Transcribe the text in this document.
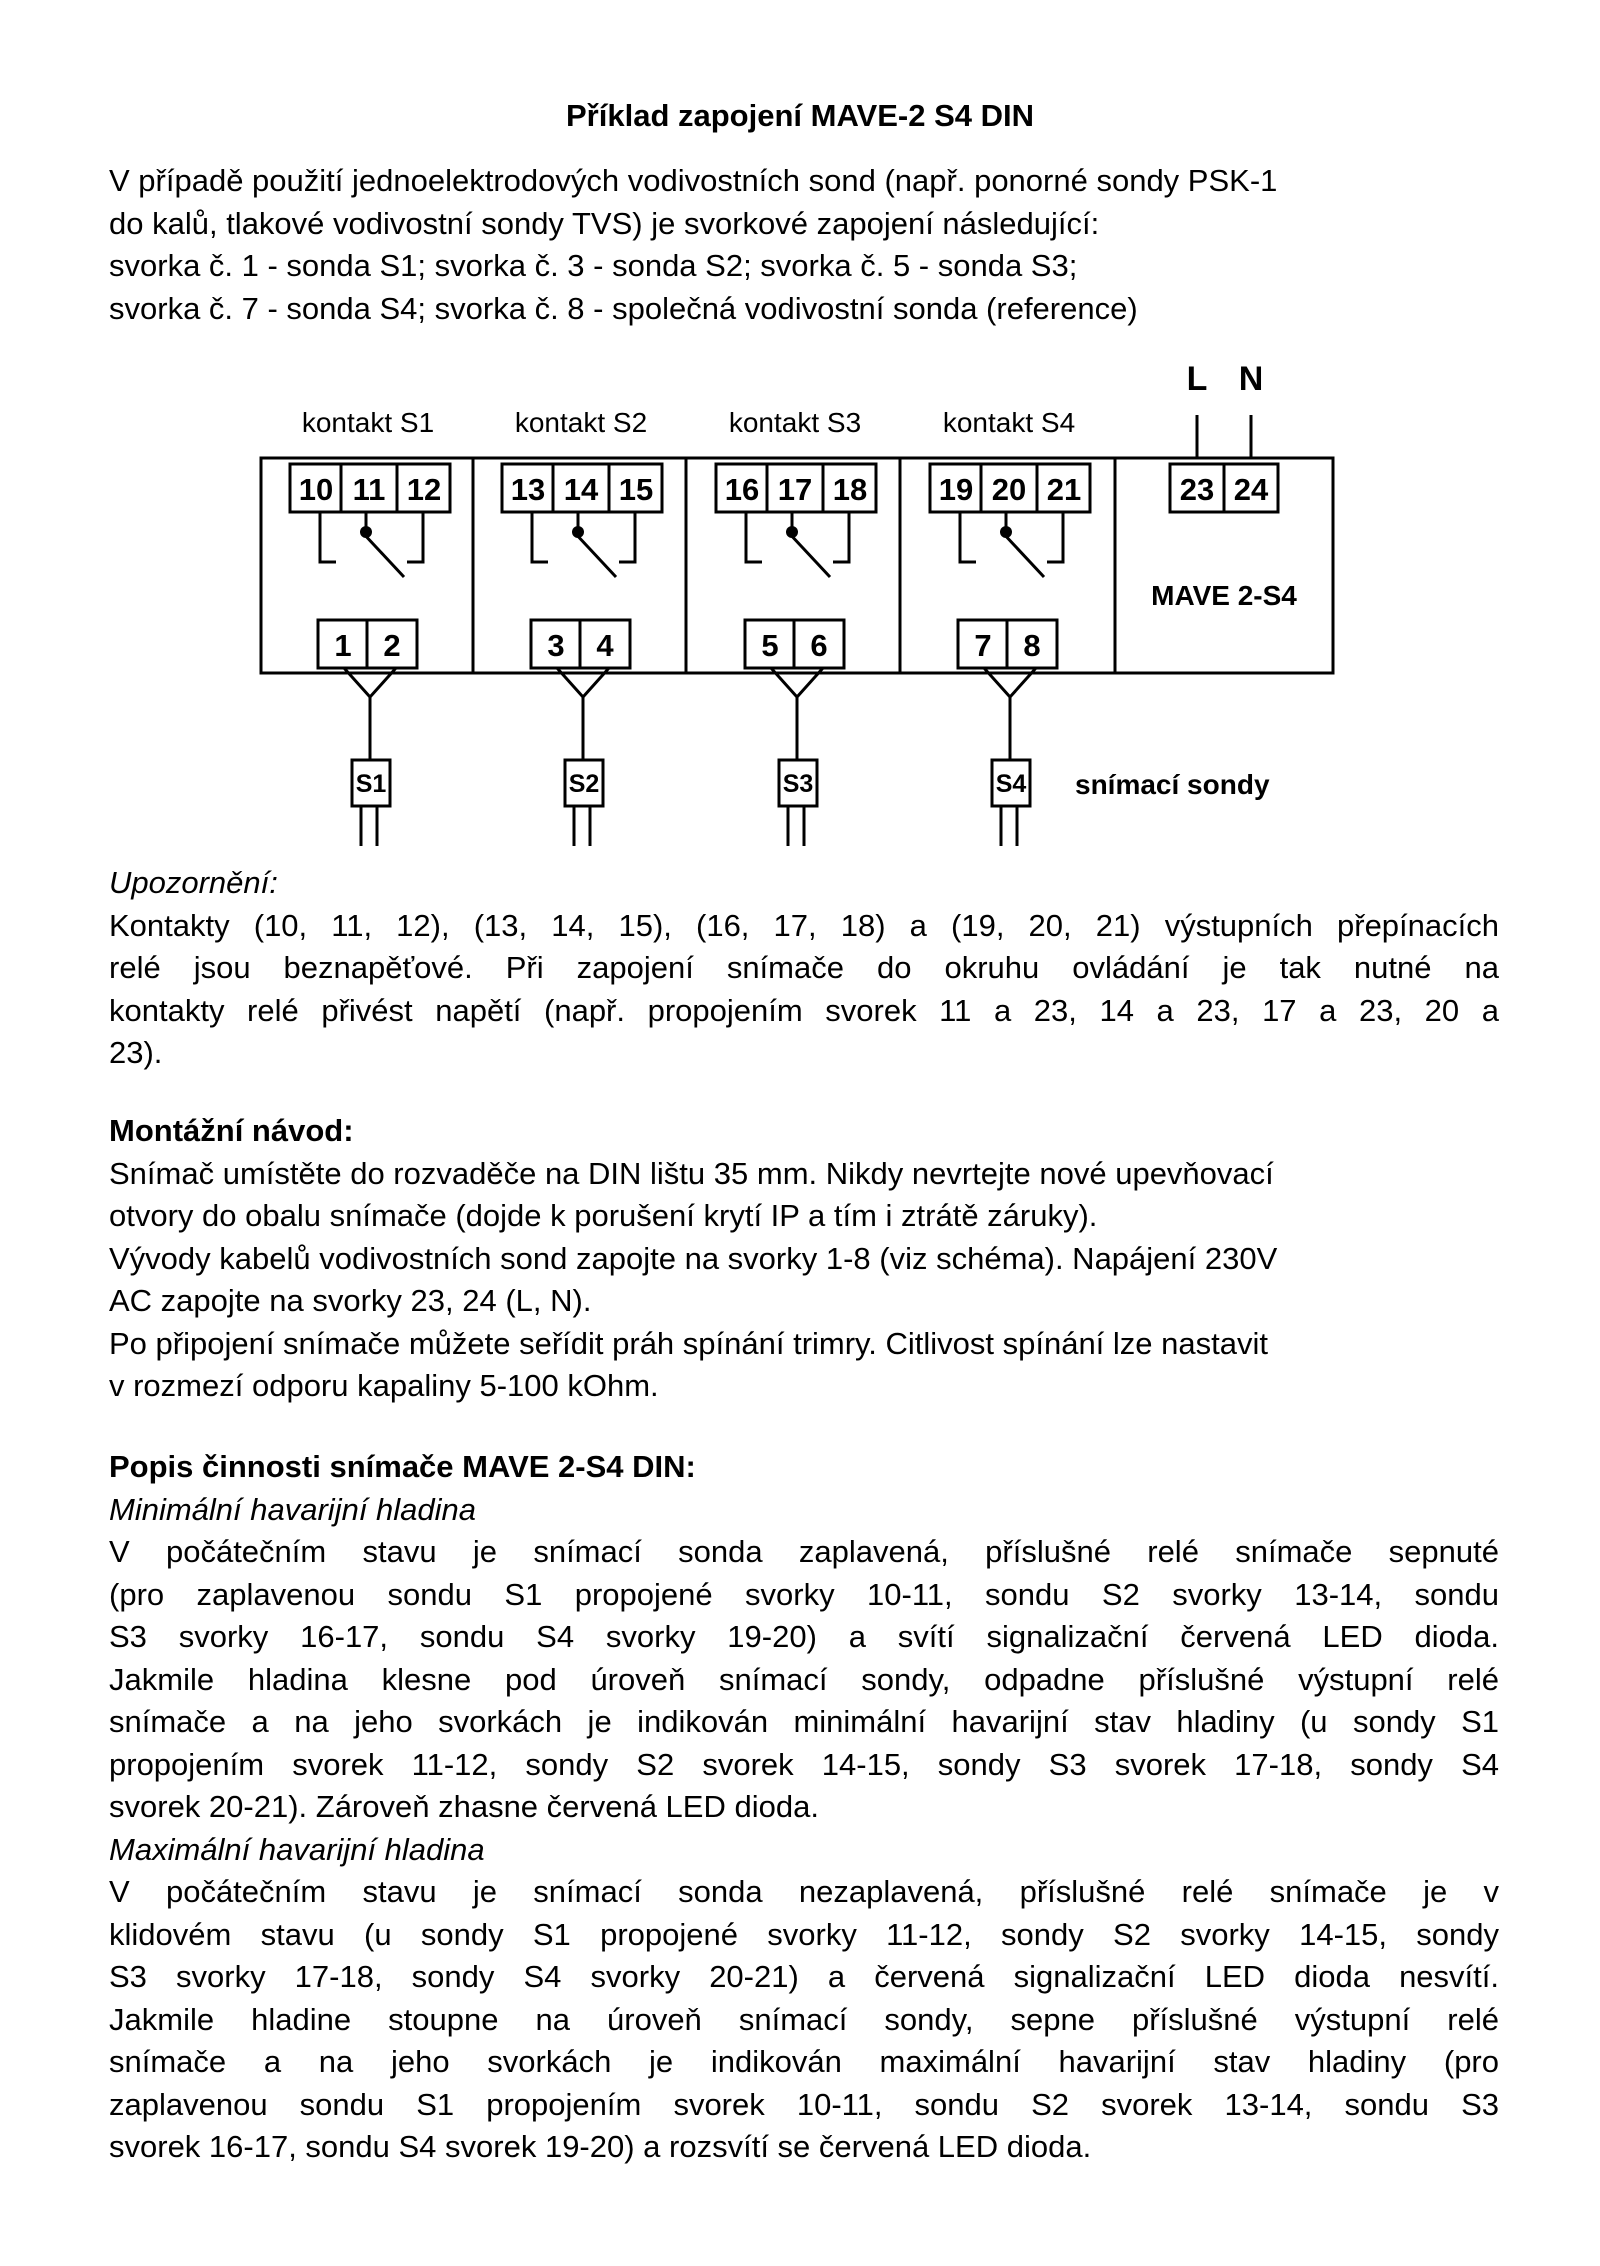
Příklad zapojení MAVE-2 S4 DIN

V případě použití jednoelektrodových vodivostních sond (např. ponorné sondy PSK-1

do kalů, tlakové vodivostní sondy TVS) je svorkové zapojení následující:

svorka č. 1 - sonda S1; svorka č. 3 - sonda S2; svorka č. 5 - sonda S3;

svorka č. 7 - sonda S4; svorka č. 8 - společná vodivostní sonda (reference)

L N
kontakt S1
10 11 12
1 2
S1
kontakt S2
13 14 15
3 4
S2
kontakt S3
16 17 18
5 6
S3
kontakt S4
19 20 21
7 8
S4
23 24
MAVE 2-S4
snímací sondy

Upozornění:

Kontakty (10, 11, 12), (13, 14, 15), (16, 17, 18) a (19, 20, 21) výstupních přepínacích

relé jsou beznapěťové. Při zapojení snímače do okruhu ovládání je tak nutné na

kontakty relé přivést napětí (např. propojením svorek 11 a 23, 14 a 23, 17 a 23, 20 a

23).

Montážní návod:

Snímač umístěte do rozvaděče na DIN lištu 35 mm. Nikdy nevrtejte nové upevňovací

otvory do obalu snímače (dojde k porušení krytí IP a tím i ztrátě záruky).

Vývody kabelů vodivostních sond zapojte na svorky 1-8 (viz schéma). Napájení 230V

AC zapojte na svorky 23, 24 (L, N).

Po připojení snímače můžete seřídit práh spínání trimry. Citlivost spínání lze nastavit

v rozmezí odporu kapaliny 5-100 kOhm.

Popis činnosti snímače MAVE 2-S4 DIN:

Minimální havarijní hladina

V počátečním stavu je snímací sonda zaplavená, příslušné relé snímače sepnuté

(pro zaplavenou sondu S1 propojené svorky 10-11, sondu S2 svorky 13-14, sondu

S3 svorky 16-17, sondu S4 svorky 19-20) a svítí signalizační červená LED dioda.

Jakmile hladina klesne pod úroveň snímací sondy, odpadne příslušné výstupní relé

snímače a na jeho svorkách je indikován minimální havarijní stav hladiny (u sondy S1

propojením svorek 11-12, sondy S2 svorek 14-15, sondy S3 svorek 17-18, sondy S4

svorek 20-21). Zároveň zhasne červená LED dioda.

Maximální havarijní hladina

V počátečním stavu je snímací sonda nezaplavená, příslušné relé snímače je v

klidovém stavu (u sondy S1 propojené svorky 11-12, sondy S2 svorky 14-15, sondy

S3 svorky 17-18, sondy S4 svorky 20-21) a červená signalizační LED dioda nesvítí.

Jakmile hladine stoupne na úroveň snímací sondy, sepne příslušné výstupní relé

snímače a na jeho svorkách je indikován maximální havarijní stav hladiny (pro

zaplavenou sondu S1 propojením svorek 10-11, sondu S2 svorek 13-14, sondu S3

svorek 16-17, sondu S4 svorek 19-20) a rozsvítí se červená LED dioda.
